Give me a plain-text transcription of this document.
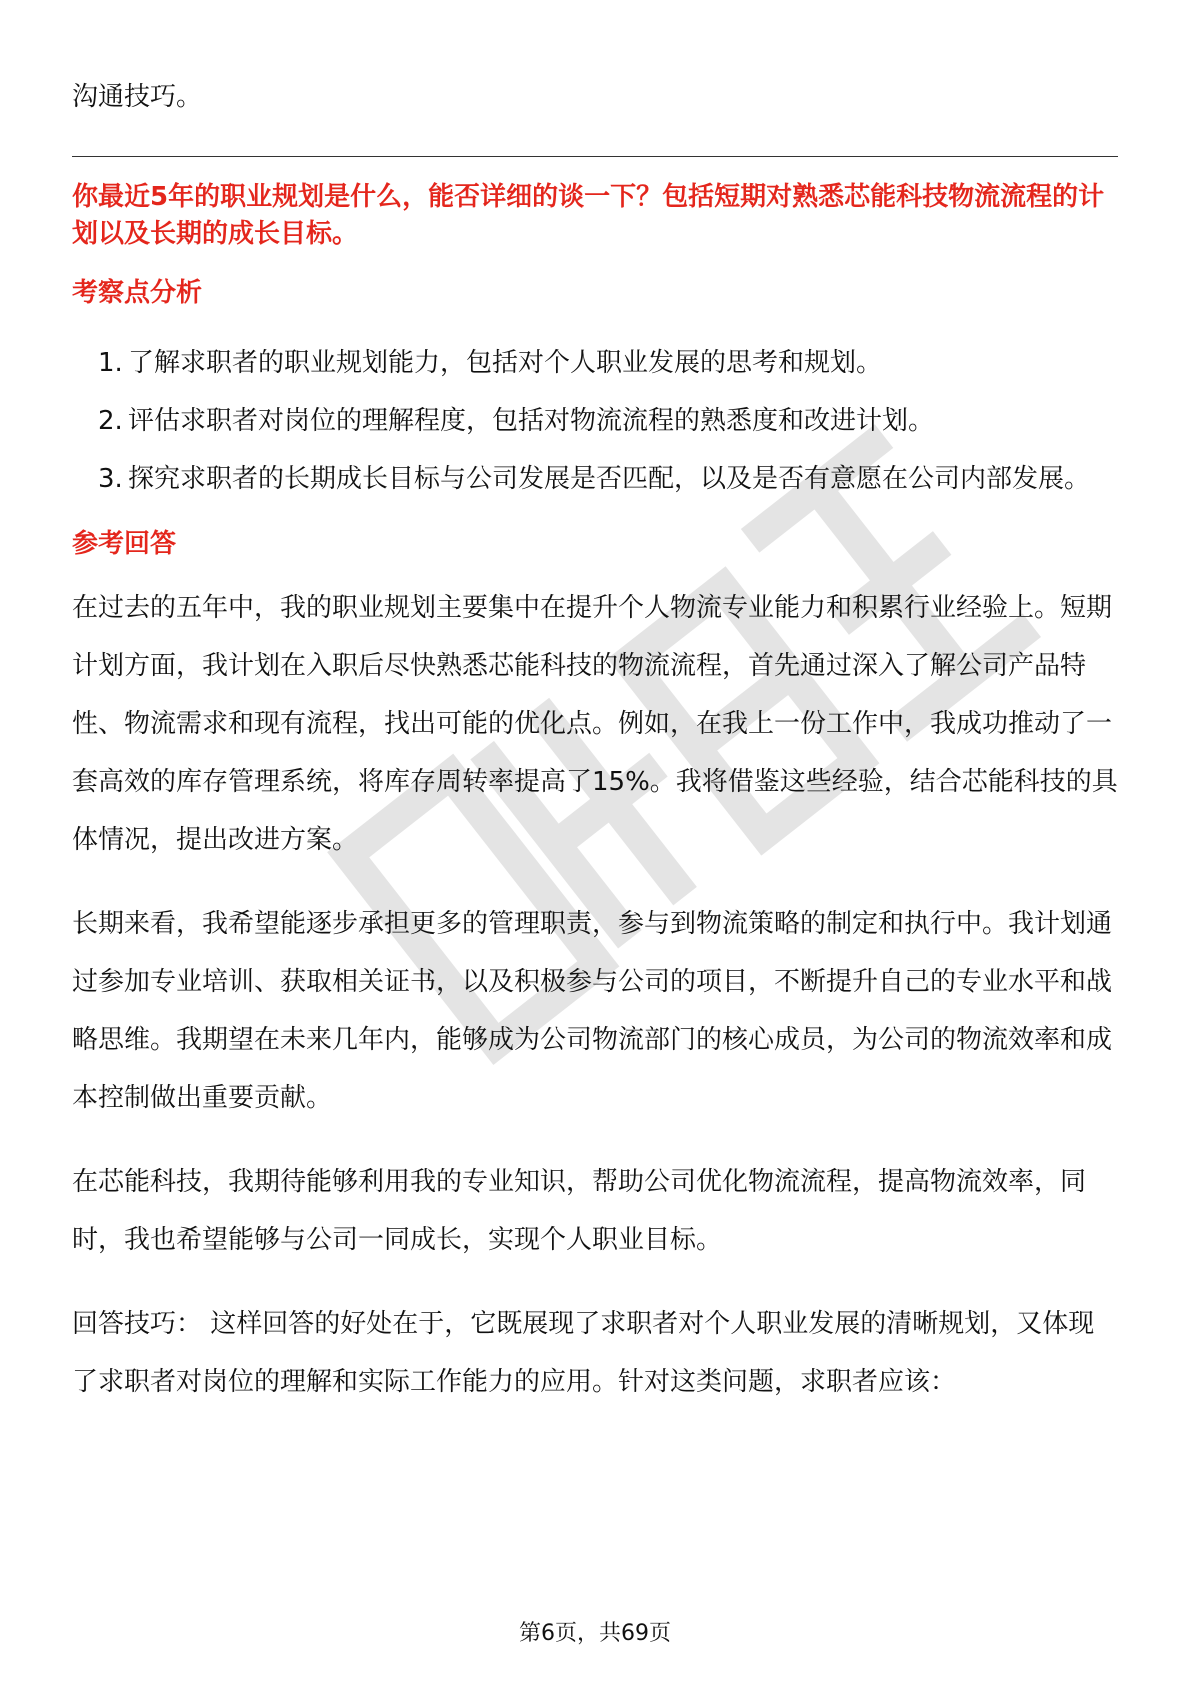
沟通技巧。

你最近5年的职业规划是什么，能否详细的谈一下？包括短期对熟悉芯能科技物流流程的计划以及长期的成长目标。

考察点分析
1. 了解求职者的职业规划能力，包括对个人职业发展的思考和规划。
2. 评估求职者对岗位的理解程度，包括对物流流程的熟悉度和改进计划。
3. 探究求职者的长期成长目标与公司发展是否匹配，以及是否有意愿在公司内部发展。
参考回答

在过去的五年中，我的职业规划主要集中在提升个人物流专业能力和积累行业经验上。短期计划方面，我计划在入职后尽快熟悉芯能科技的物流流程，首先通过深入了解公司产品特性、物流需求和现有流程，找出可能的优化点。例如，在我上一份工作中，我成功推动了一套高效的库存管理系统，将库存周转率提高了15%。我将借鉴这些经验，结合芯能科技的具体情况，提出改进方案。

长期来看，我希望能逐步承担更多的管理职责，参与到物流策略的制定和执行中。我计划通过参加专业培训、获取相关证书，以及积极参与公司的项目，不断提升自己的专业水平和战略思维。我期望在未来几年内，能够成为公司物流部门的核心成员，为公司的物流效率和成本控制做出重要贡献。

在芯能科技，我期待能够利用我的专业知识，帮助公司优化物流流程，提高物流效率，同时，我也希望能够与公司一同成长，实现个人职业目标。

回答技巧： 这样回答的好处在于，它既展现了求职者对个人职业发展的清晰规划，又体现了求职者对岗位的理解和实际工作能力的应用。针对这类问题，求职者应该：

第6页，共69页
